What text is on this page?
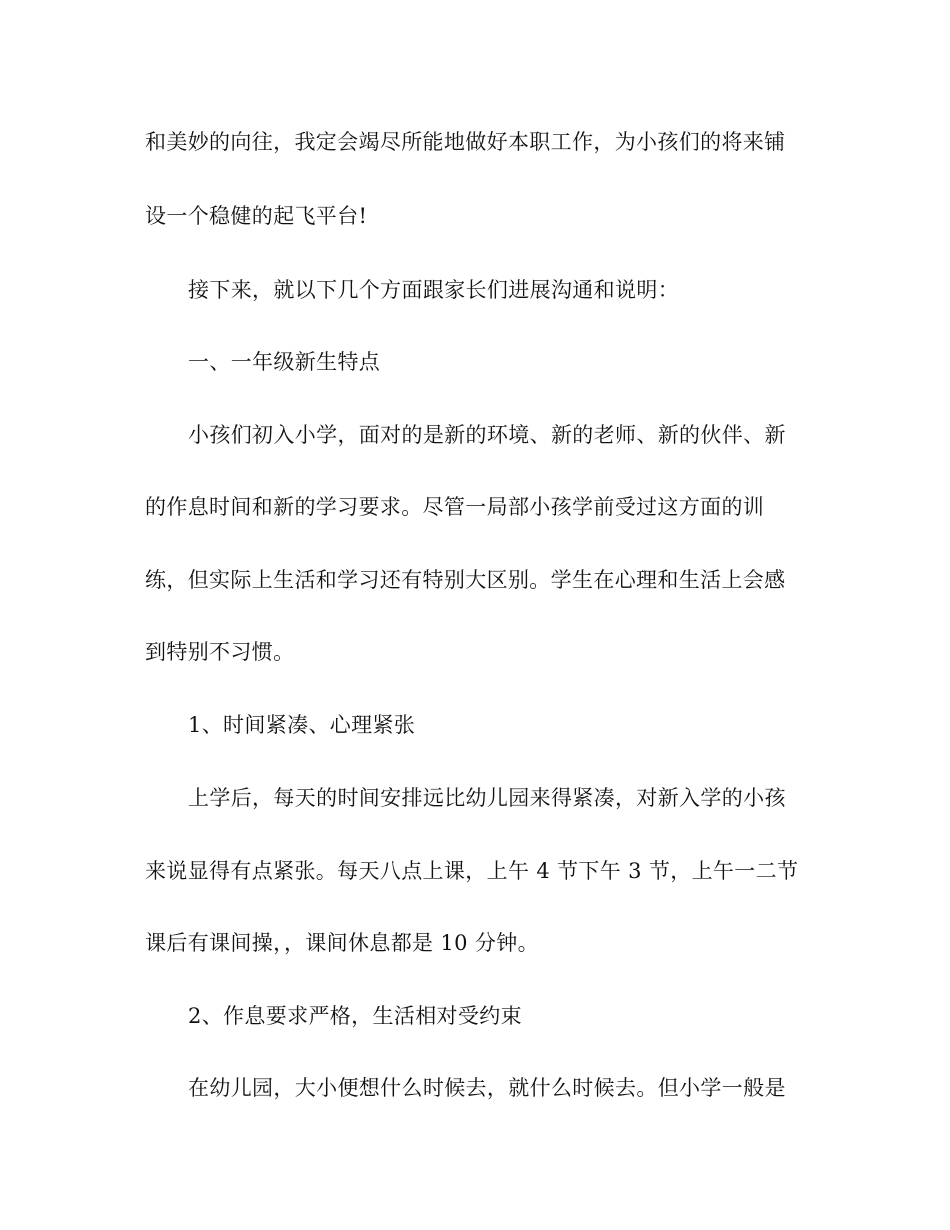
和美妙的向往，我定会竭尽所能地做好本职工作，为小孩们的将来铺
设一个稳健的起飞平台!
接下来，就以下几个方面跟家长们进展沟通和说明：
一、一年级新生特点
小孩们初入小学，面对的是新的环境、新的老师、新的伙伴、新
的作息时间和新的学习要求。尽管一局部小孩学前受过这方面的训
练，但实际上生活和学习还有特别大区别。学生在心理和生活上会感
到特别不习惯。
1、时间紧凑、心理紧张
上学后，每天的时间安排远比幼儿园来得紧凑，对新入学的小孩
来说显得有点紧张。每天八点上课，上午 4 节下午 3 节，上午一二节
课后有课间操，，课间休息都是 10 分钟。
2、作息要求严格，生活相对受约束
在幼儿园，大小便想什么时候去，就什么时候去。但小学一般是
